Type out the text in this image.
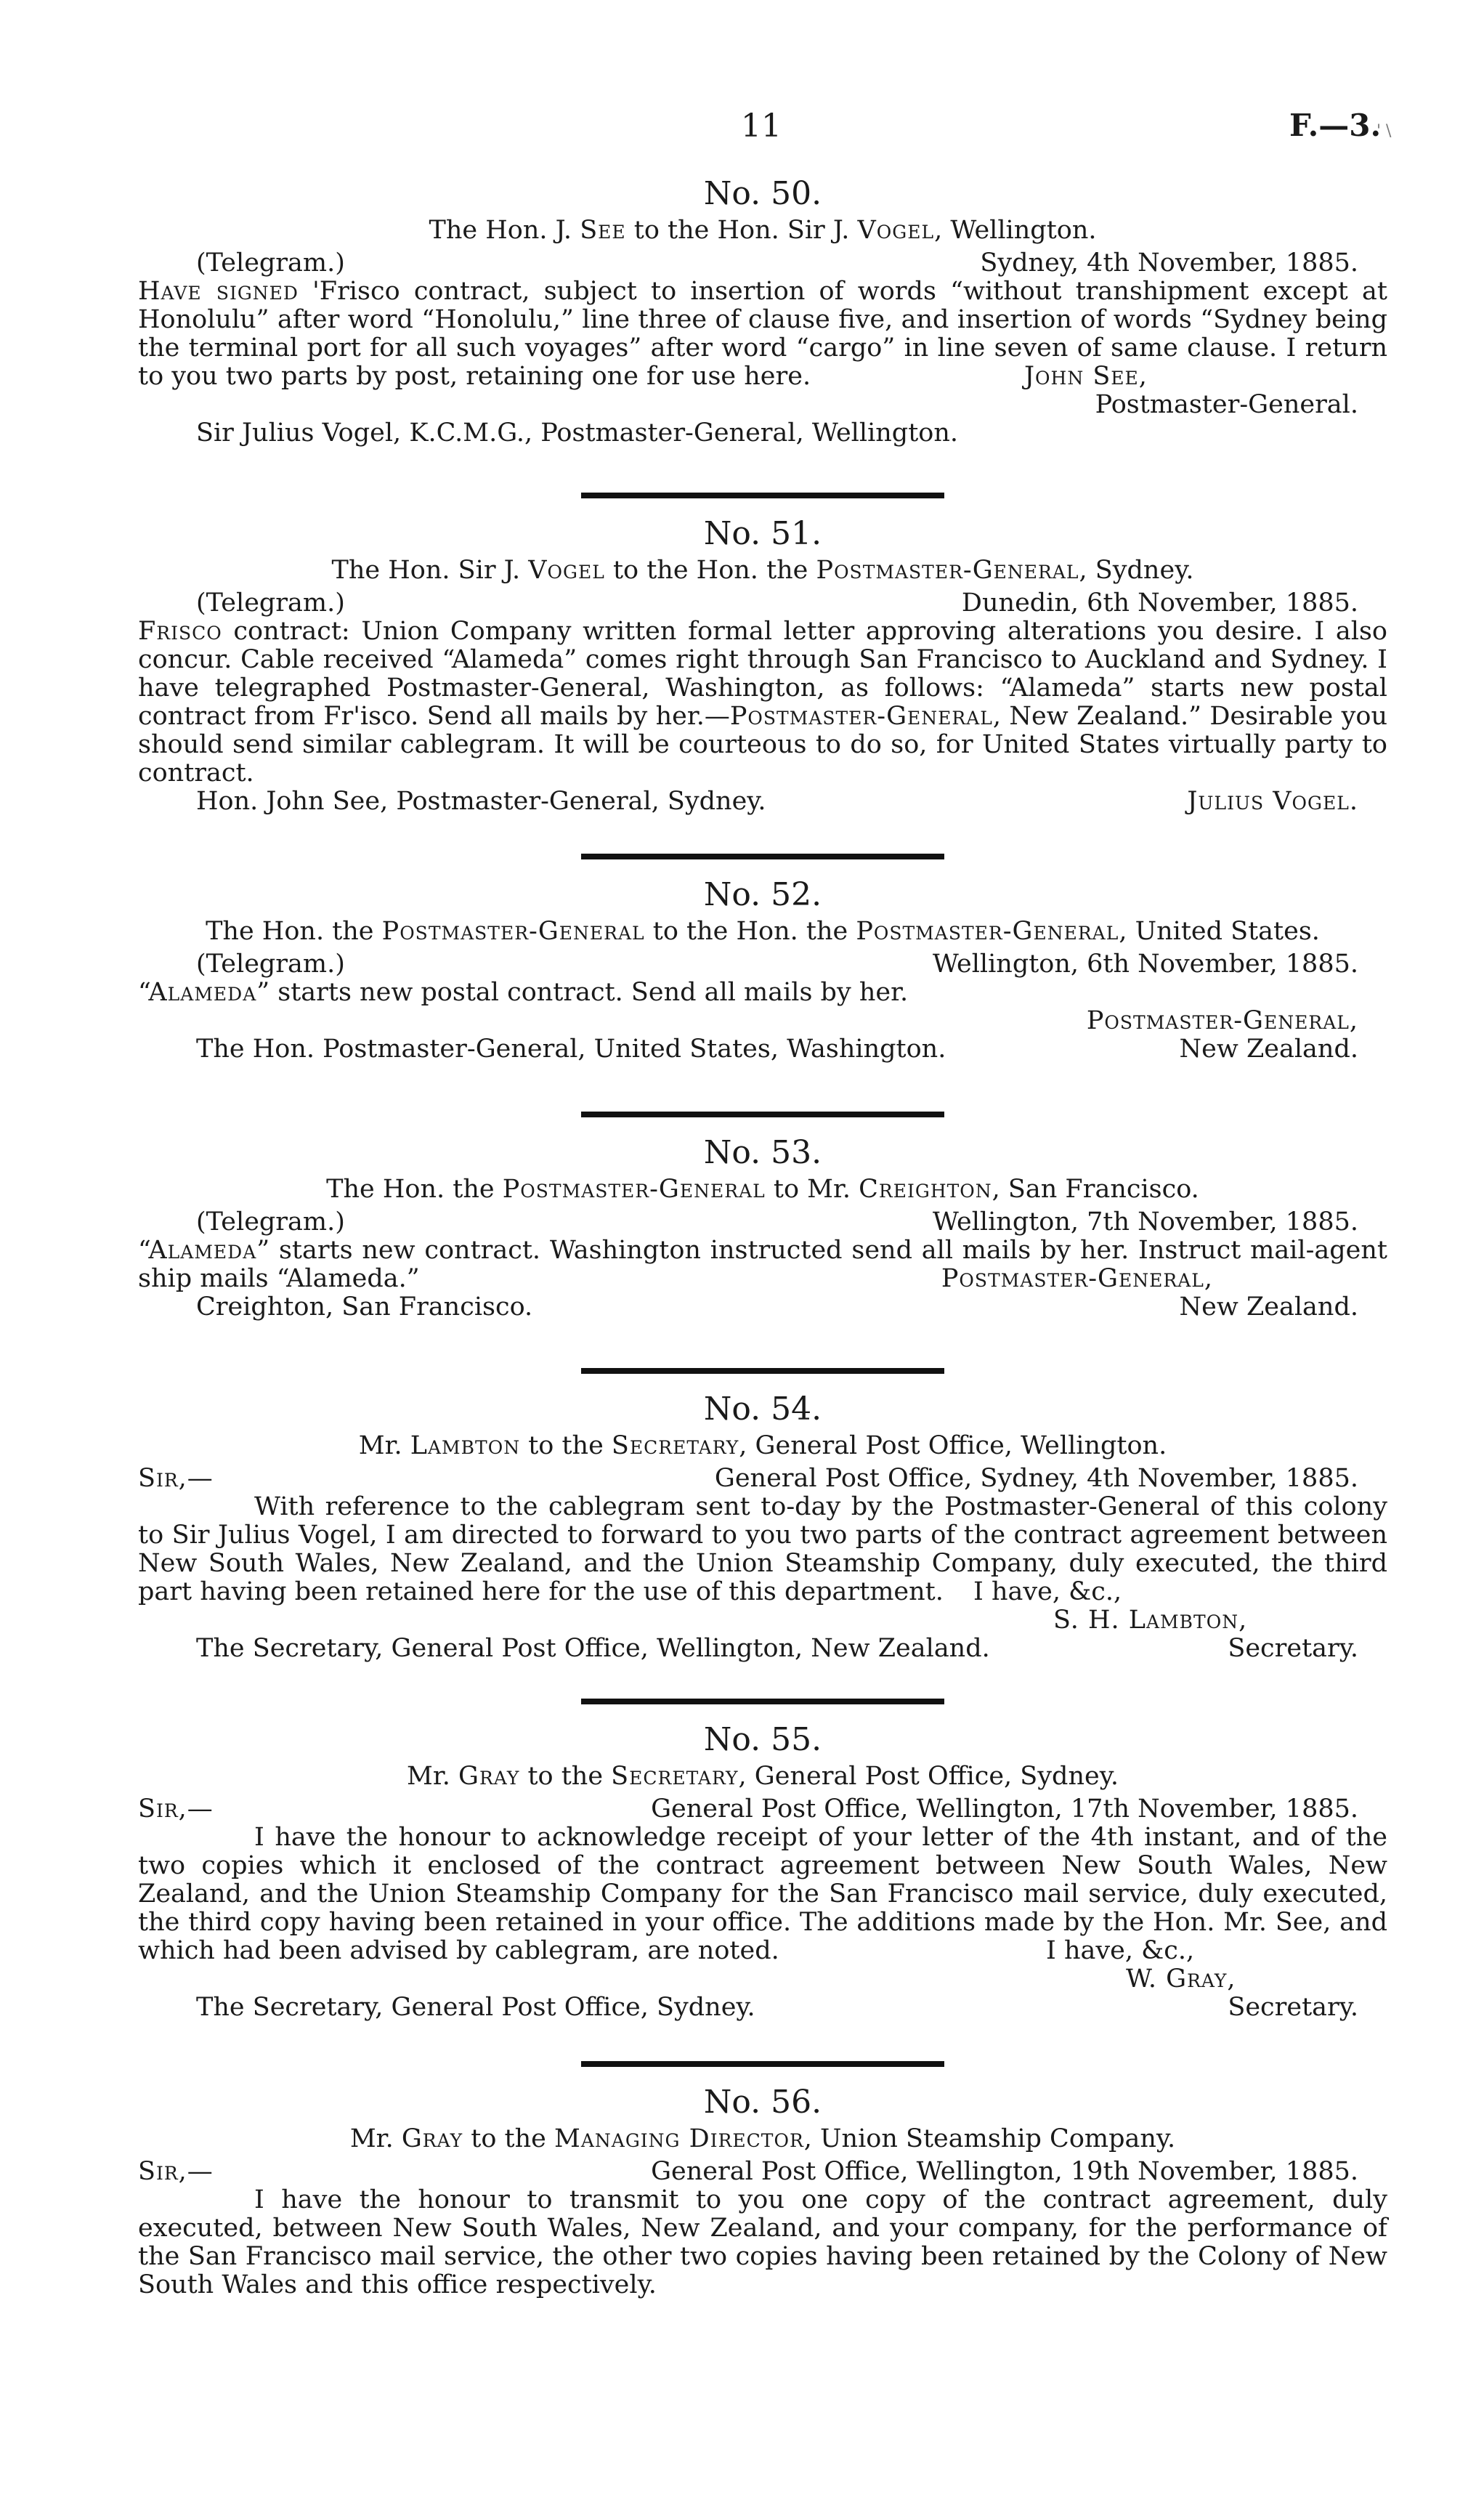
11	F.—3.
' \
No. 50.
The Hon. J. See to the Hon. Sir J. Vogel, Wellington.
(Telegram.)	Sydney, 4th November, 1885.

Have signed 'Frisco contract, subject to insertion of words “without transhipment except at Honolulu” after word “Honolulu,” line three of clause five, and insertion of words “Sydney being the terminal port for all such voyages” after word “cargo” in line seven of same clause. I return to you two parts by post, retaining one for use here.	John See,
Postmaster-General.
Sir Julius Vogel, K.C.M.G., Postmaster-General, Wellington.
No. 51.
The Hon. Sir J. Vogel to the Hon. the Postmaster-General, Sydney.
(Telegram.)	Dunedin, 6th November, 1885.

Frisco contract: Union Company written formal letter approving alterations you desire. I also concur. Cable received “Alameda” comes right through San Francisco to Auckland and Sydney. I have telegraphed Postmaster-General, Washington, as follows: “Alameda” starts new postal contract from Fr'isco. Send all mails by her.—Postmaster-General, New Zealand.” Desirable you should send similar cablegram. It will be courteous to do so, for United States virtually party to contract.

Hon. John See, Postmaster-General, Sydney.	Julius Vogel.
No. 52.
The Hon. the Postmaster-General to the Hon. the Postmaster-General, United States.
(Telegram.)	Wellington, 6th November, 1885.

“Alameda” starts new postal contract. Send all mails by her.

Postmaster-General,
The Hon. Postmaster-General, United States, Washington.	New Zealand.
No. 53.
The Hon. the Postmaster-General to Mr. Creighton, San Francisco.
(Telegram.)	Wellington, 7th November, 1885.

“Alameda” starts new contract. Washington instructed send all mails by her. Instruct mail-agent ship mails “Alameda.”	Postmaster-General,
Creighton, San Francisco.	New Zealand.
No. 54.
Mr. Lambton to the Secretary, General Post Office, Wellington.
Sir,—	General Post Office, Sydney, 4th November, 1885.

With reference to the cablegram sent to-day by the Postmaster-General of this colony to Sir Julius Vogel, I am directed to forward to you two parts of the contract agreement between New South Wales, New Zealand, and the Union Steamship Company, duly executed, the third part having been retained here for the use of this department.	I have, &c.,
S. H. Lambton,
The Secretary, General Post Office, Wellington, New Zealand.	Secretary.
No. 55.
Mr. Gray to the Secretary, General Post Office, Sydney.
Sir,—	General Post Office, Wellington, 17th November, 1885.

I have the honour to acknowledge receipt of your letter of the 4th instant, and of the two copies which it enclosed of the contract agreement between New South Wales, New Zealand, and the Union Steamship Company for the San Francisco mail service, duly executed, the third copy having been retained in your office. The additions made by the Hon. Mr. See, and which had been advised by cablegram, are noted.	I have, &c.,
W. Gray,
The Secretary, General Post Office, Sydney.	Secretary.
No. 56.
Mr. Gray to the Managing Director, Union Steamship Company.
Sir,—	General Post Office, Wellington, 19th November, 1885.

I have the honour to transmit to you one copy of the contract agreement, duly executed, between New South Wales, New Zealand, and your company, for the performance of the San Francisco mail service, the other two copies having been retained by the Colony of New South Wales and this office respectively.
